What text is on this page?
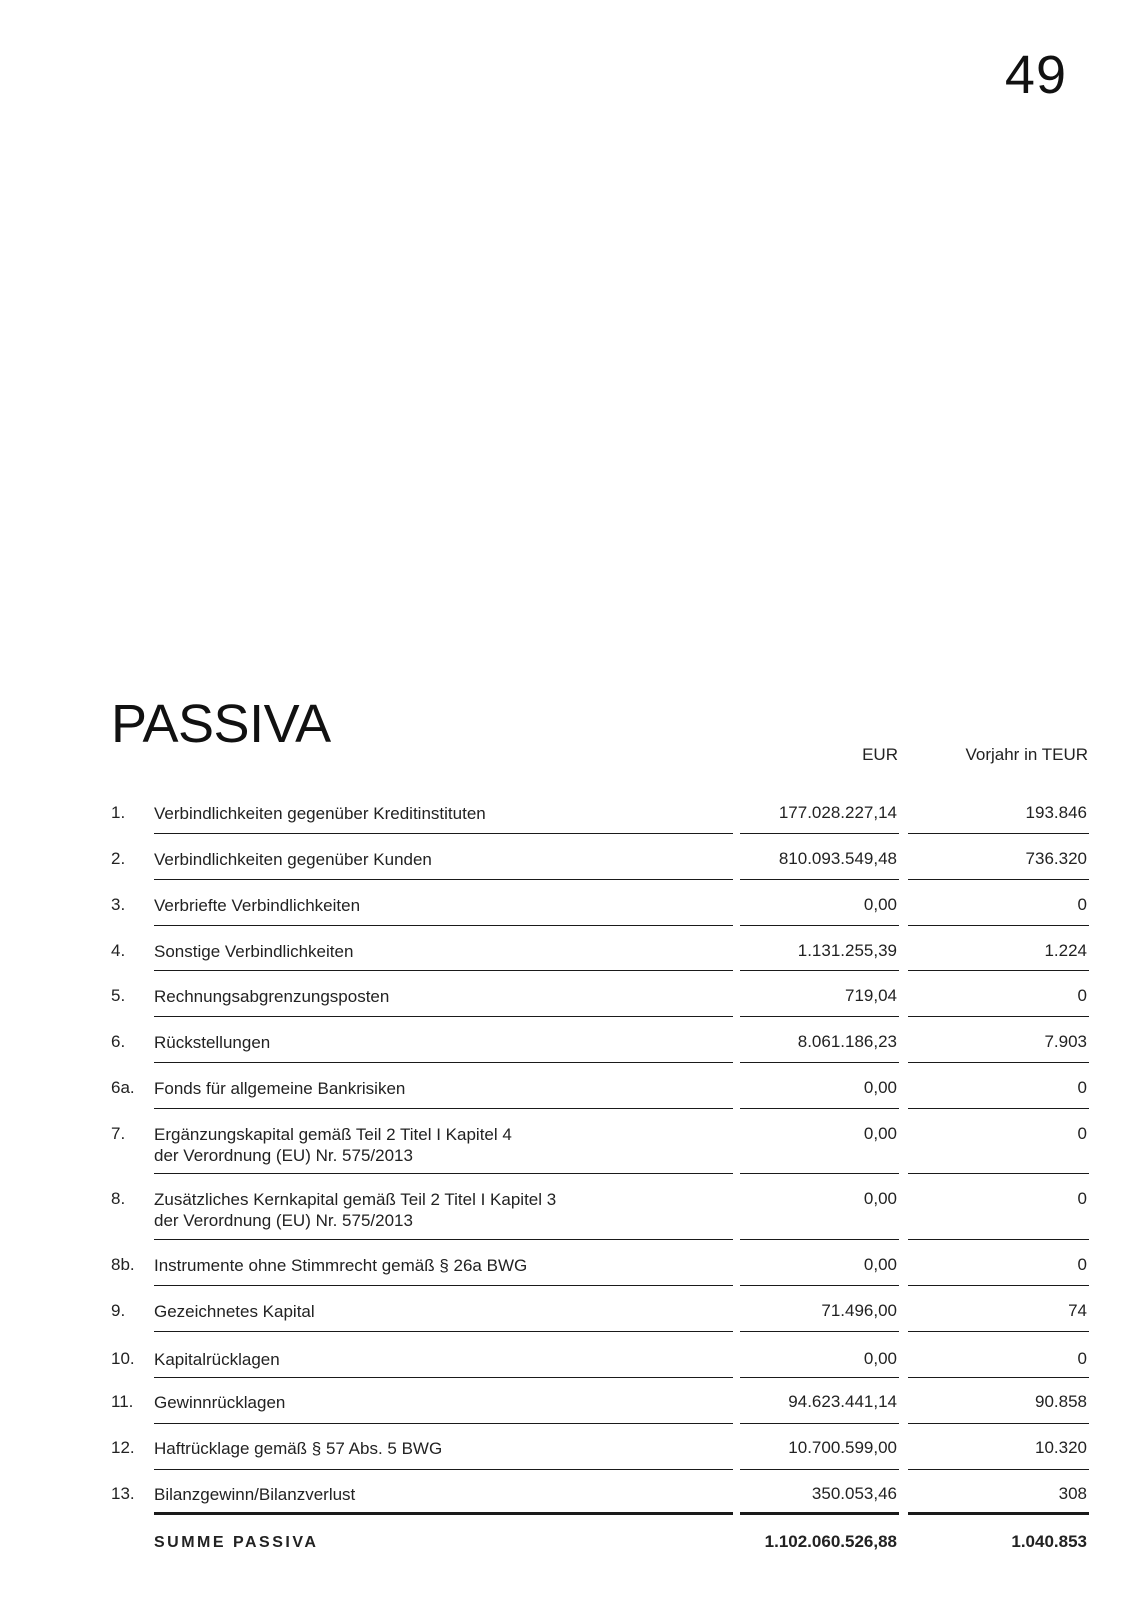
49
PASSIVA
EUR	Vorjahr in TEUR
1. Verbindlichkeiten gegenüber Kreditinstituten	177.028.227,14	193.846
2. Verbindlichkeiten gegenüber Kunden	810.093.549,48	736.320
3. Verbriefte Verbindlichkeiten	0,00	0
4. Sonstige Verbindlichkeiten	1.131.255,39	1.224
5. Rechnungsabgrenzungsposten	719,04	0
6. Rückstellungen	8.061.186,23	7.903
6a. Fonds für allgemeine Bankrisiken	0,00	0
7. Ergänzungskapital gemäß Teil 2 Titel I Kapitel 4
der Verordnung (EU) Nr. 575/2013
0,00	0
8. Zusätzliches Kernkapital gemäß Teil 2 Titel I Kapitel 3
der Verordnung (EU) Nr. 575/2013
0,00	0
8b. Instrumente ohne Stimmrecht gemäß § 26a BWG	0,00	0
9. Gezeichnetes Kapital	71.496,00	74
10. Kapitalrücklagen	0,00	0
11. Gewinnrücklagen	94.623.441,14	90.858
12. Haftrücklage gemäß § 57 Abs. 5 BWG	10.700.599,00	10.320
13. Bilanzgewinn/Bilanzverlust	350.053,46	308
SUMME PASSIVA	1.102.060.526,88	1.040.853
